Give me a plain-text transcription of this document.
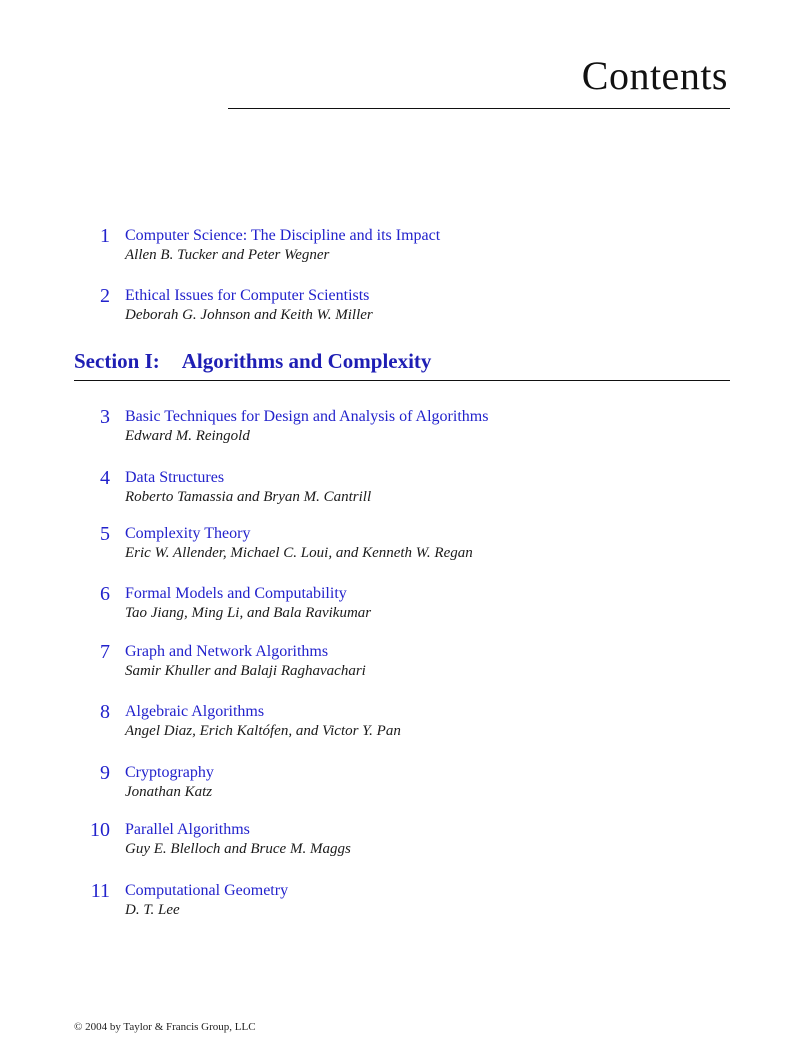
Contents
1 Computer Science: The Discipline and its Impact
Allen B. Tucker and Peter Wegner
2 Ethical Issues for Computer Scientists
Deborah G. Johnson and Keith W. Miller
Section I: Algorithms and Complexity
3 Basic Techniques for Design and Analysis of Algorithms
Edward M. Reingold
4 Data Structures
Roberto Tamassia and Bryan M. Cantrill
5 Complexity Theory
Eric W. Allender, Michael C. Loui, and Kenneth W. Regan
6 Formal Models and Computability
Tao Jiang, Ming Li, and Bala Ravikumar
7 Graph and Network Algorithms
Samir Khuller and Balaji Raghavachari
8 Algebraic Algorithms
Angel Diaz, Erich Kaltófen, and Victor Y. Pan
9 Cryptography
Jonathan Katz
10 Parallel Algorithms
Guy E. Blelloch and Bruce M. Maggs
11 Computational Geometry
D. T. Lee
© 2004 by Taylor & Francis Group, LLC
